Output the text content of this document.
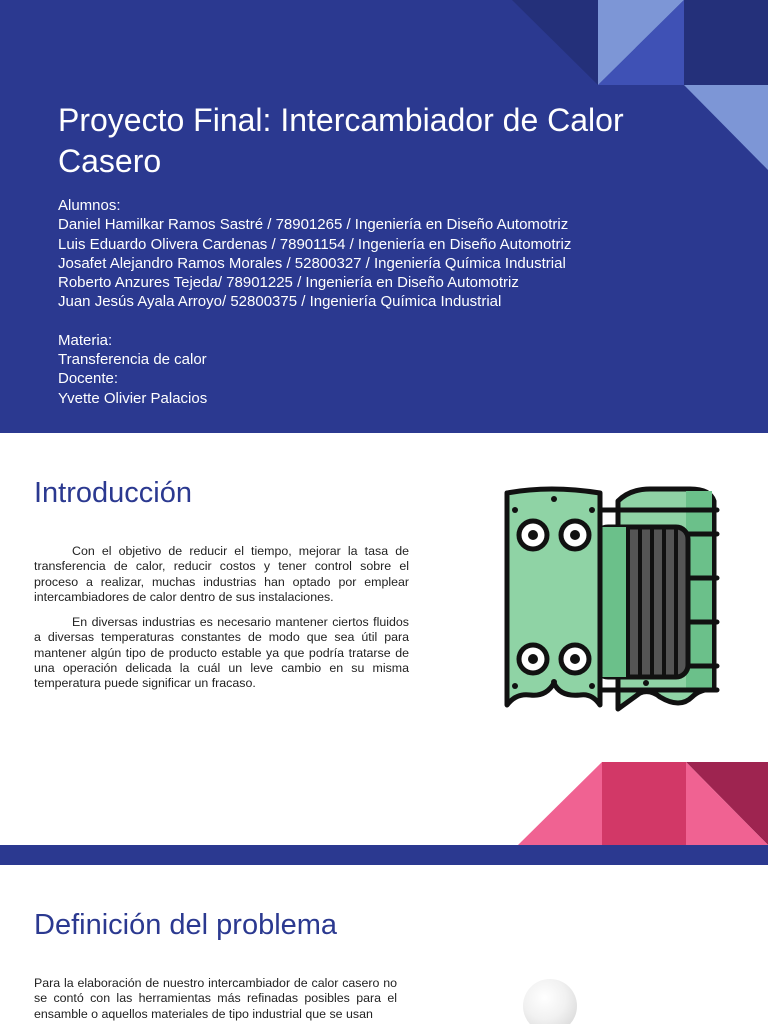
Proyecto Final: Intercambiador de Calor Casero
Alumnos:
Daniel Hamilkar Ramos Sastré / 78901265 / Ingeniería en Diseño Automotriz
Luis Eduardo Olivera Cardenas / 78901154 / Ingeniería en Diseño Automotriz
Josafet Alejandro Ramos Morales / 52800327 / Ingeniería Química Industrial
Roberto Anzures Tejeda/ 78901225 / Ingeniería en Diseño Automotriz
Juan Jesús Ayala Arroyo/ 52800375 / Ingeniería Química Industrial
Materia:
Transferencia de calor
Docente:
Yvette Olivier Palacios
Introducción

Con el objetivo de reducir el tiempo, mejorar la tasa de transferencia de calor, reducir costos y tener control sobre el proceso a realizar, muchas industrias han optado por emplear intercambiadores de calor dentro de sus instalaciones.

En diversas industrias es necesario mantener ciertos fluidos a diversas temperaturas constantes de modo que sea útil para mantener algún tipo de producto estable ya que podría tratarse de una operación delicada la cuál un leve cambio en su misma temperatura puede significar un fracaso.

Definición del problema

Para la elaboración de nuestro intercambiador de calor casero no se contó con las herramientas más refinadas posibles para el ensamble o aquellos materiales de tipo industrial que se usan
